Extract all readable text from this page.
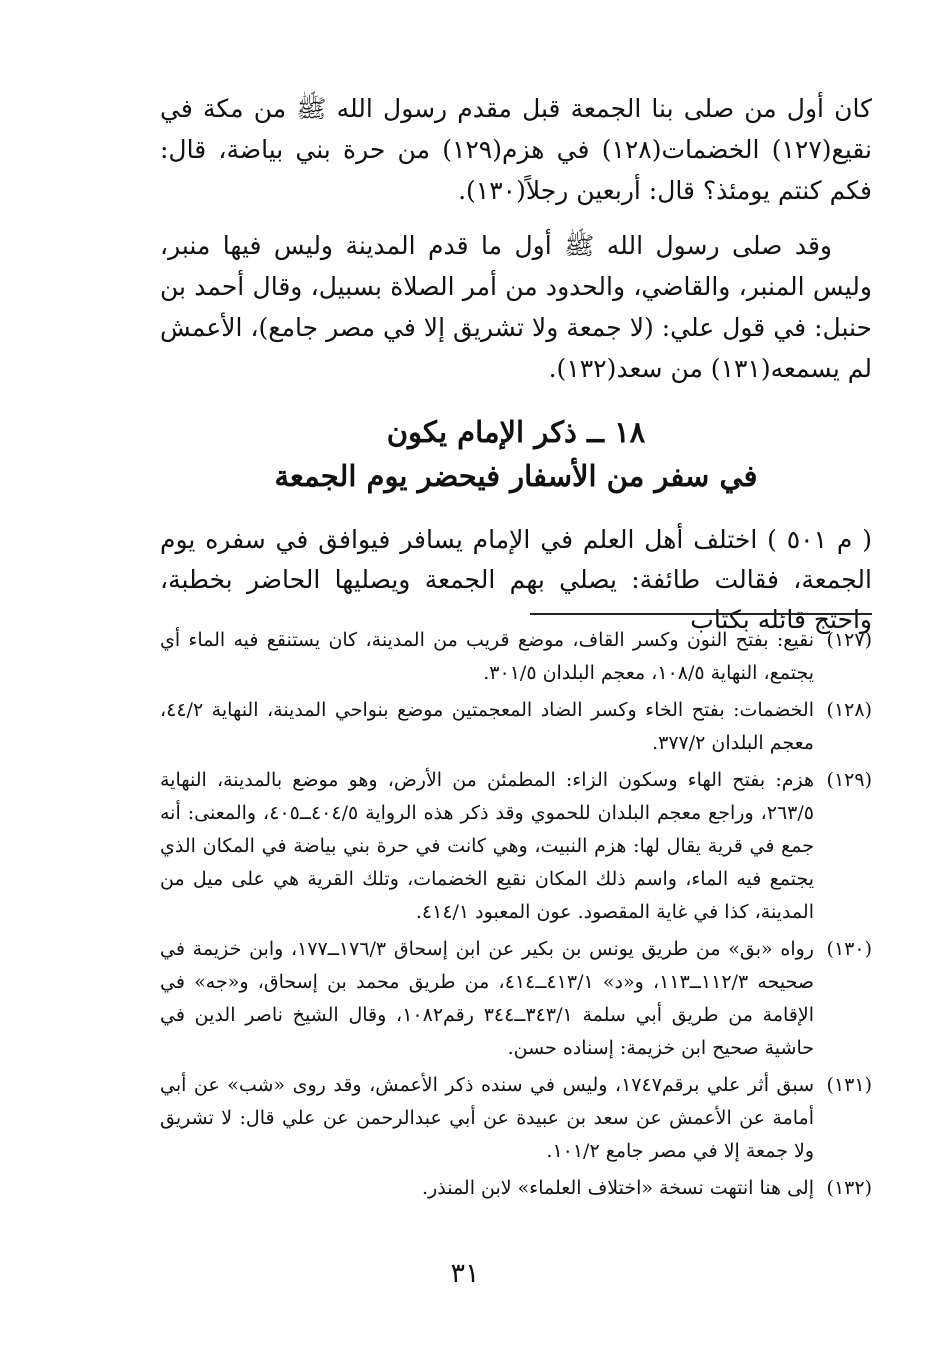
كان أول من صلى بنا الجمعة قبل مقدم رسول الله ﷺ من مكة في نقيع(١٢٧) الخضمات(١٢٨) في هزم(١٢٩) من حرة بني بياضة، قال: فكم كنتم يومئذ؟ قال: أربعين رجلاً(١٣٠).

وقد صلى رسول الله ﷺ أول ما قدم المدينة وليس فيها منبر، وليس المنبر، والقاضي، والحدود من أمر الصلاة بسبيل، وقال أحمد بن حنبل: في قول علي: (لا جمعة ولا تشريق إلا في مصر جامع)، الأعمش لم يسمعه(١٣١) من سعد(١٣٢).

١٨ ــ ذكر الإمام يكون
في سفر من الأسفار فيحضر يوم الجمعة

( م ٥٠١ ) اختلف أهل العلم في الإمام يسافر فيوافق في سفره يوم الجمعة، فقالت طائفة: يصلي بهم الجمعة ويصليها الحاضر بخطبة، واحتج قائله بكتاب

(١٢٧)
نقيع: بفتح النون وكسر القاف، موضع قريب من المدينة، كان يستنقع فيه الماء أي يجتمع، النهاية ١٠٨/٥، معجم البلدان ٣٠١/٥.
(١٢٨)
الخضمات: بفتح الخاء وكسر الضاد المعجمتين موضع بنواحي المدينة، النهاية ٤٤/٢، معجم البلدان ٣٧٧/٢.
(١٢٩)
هزم: بفتح الهاء وسكون الزاء: المطمئن من الأرض، وهو موضع بالمدينة، النهاية ٢٦٣/٥، وراجع معجم البلدان للحموي وقد ذكر هذه الرواية ٤٠٤/٥ــ٤٠٥، والمعنى: أنه جمع في قرية يقال لها: هزم النبيت، وهي كانت في حرة بني بياضة في المكان الذي يجتمع فيه الماء، واسم ذلك المكان نقيع الخضمات، وتلك القرية هي على ميل من المدينة، كذا في غاية المقصود. عون المعبود ٤١٤/١.
(١٣٠)
رواه «بق» من طريق يونس بن بكير عن ابن إسحاق ١٧٦/٣ــ١٧٧، وابن خزيمة في صحيحه ١١٢/٣ــ١١٣، و«د» ٤١٣/١ــ٤١٤، من طريق محمد بن إسحاق، و«جه» في الإقامة من طريق أبي سلمة ٣٤٣/١ــ٣٤٤ رقم١٠٨٢، وقال الشيخ ناصر الدين في حاشية صحيح ابن خزيمة: إسناده حسن.
(١٣١)
سبق أثر علي برقم١٧٤٧، وليس في سنده ذكر الأعمش، وقد روى «شب» عن أبي أمامة عن الأعمش عن سعد بن عبيدة عن أبي عبدالرحمن عن علي قال: لا تشريق ولا جمعة إلا في مصر جامع ١٠١/٢.
(١٣٢)
إلى هنا انتهت نسخة «اختلاف العلماء» لابن المنذر.
٣١
